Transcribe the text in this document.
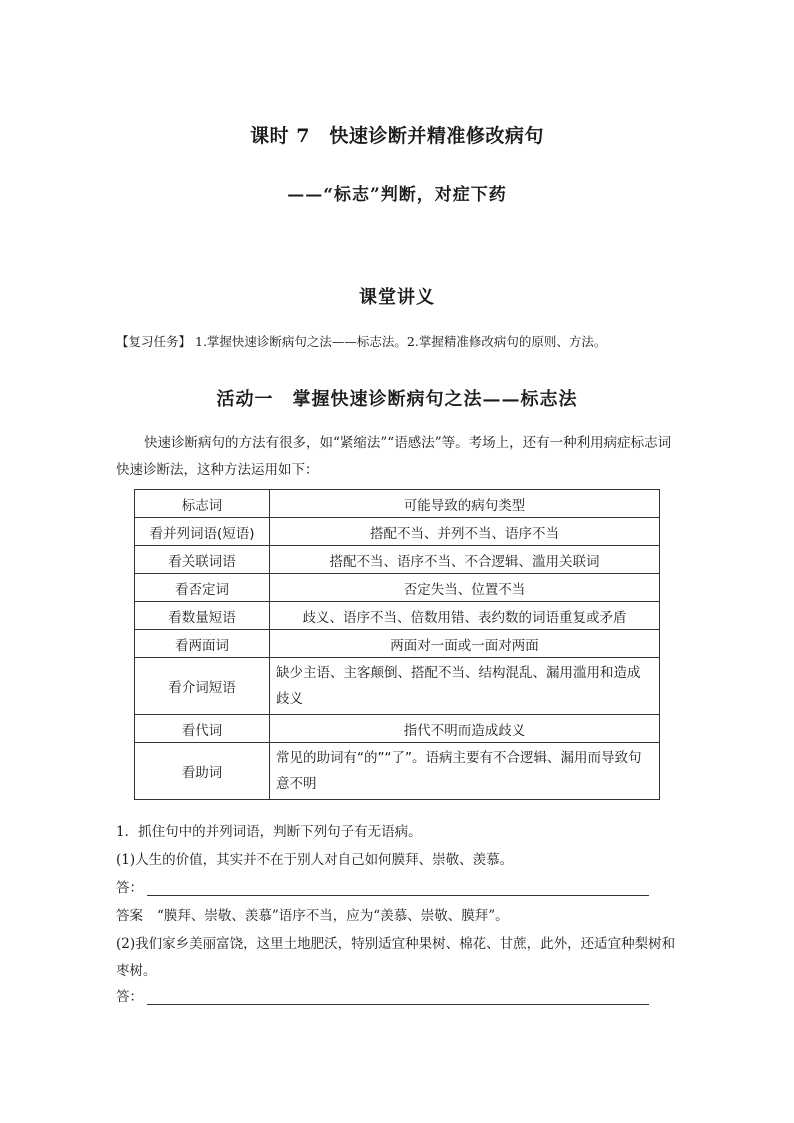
课时 7　快速诊断并精准修改病句
——“标志”判断，对症下药
课堂讲义
【复习任务】 1.掌握快速诊断病句之法——标志法。2.掌握精准修改病句的原则、方法。
活动一　掌握快速诊断病句之法——标志法
快速诊断病句的方法有很多，如“紧缩法”“语感法”等。考场上，还有一种利用病症标志词快速诊断法，这种方法运用如下：
标志词	可能导致的病句类型
看并列词语(短语)	搭配不当、并列不当、语序不当
看关联词语	搭配不当、语序不当、不合逻辑、滥用关联词
看否定词	否定失当、位置不当
看数量短语	歧义、语序不当、倍数用错、表约数的词语重复或矛盾
看两面词	两面对一面或一面对两面
看介词短语	缺少主语、主客颠倒、搭配不当、结构混乱、漏用滥用和造成歧义
看代词	指代不明而造成歧义
看助词	常见的助词有“的”“了”。语病主要有不合逻辑、漏用而导致句意不明
1．抓住句中的并列词语，判断下列句子有无语病。
(1)人生的价值，其实并不在于别人对自己如何膜拜、崇敬、羡慕。
答：
答案 “膜拜、崇敬、羡慕”语序不当，应为“羡慕、崇敬、膜拜”。
(2)我们家乡美丽富饶，这里土地肥沃，特别适宜种果树、棉花、甘蔗，此外，还适宜种梨树和枣树。
答：
